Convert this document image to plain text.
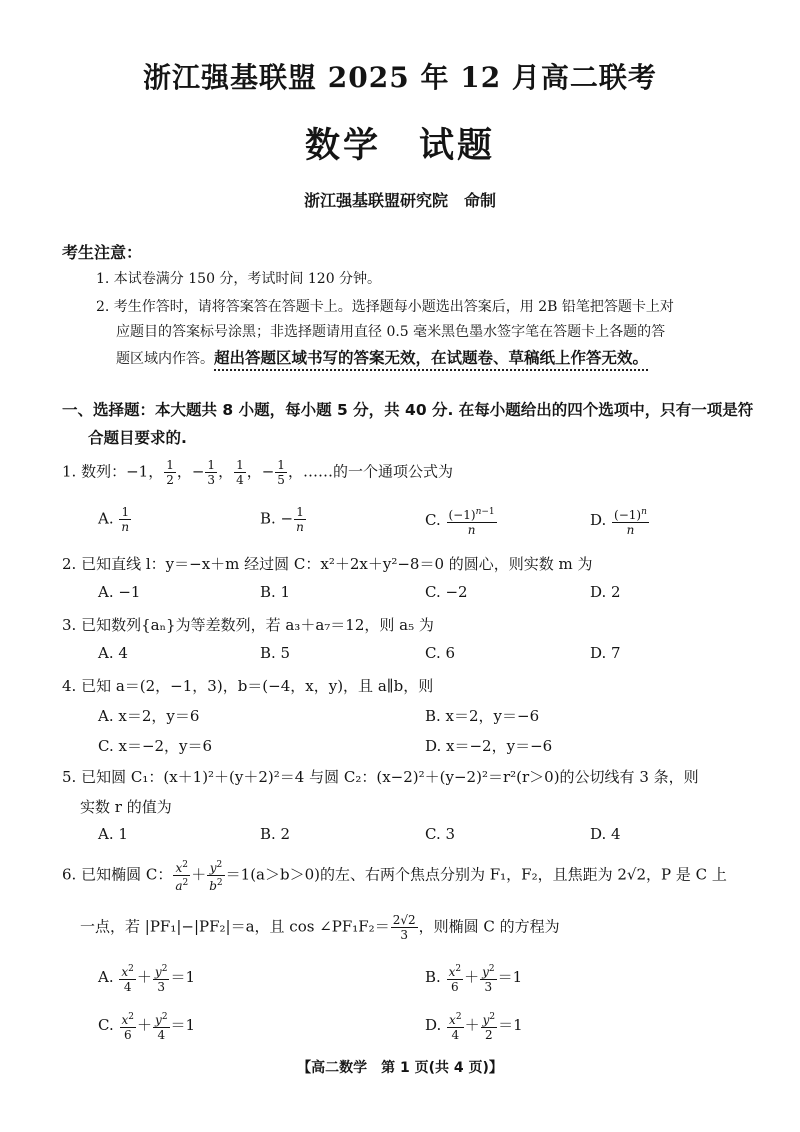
浙江强基联盟 2025 年 12 月高二联考
数学　试题
浙江强基联盟研究院　命制
考生注意：
1. 本试卷满分 150 分，考试时间 120 分钟。
2. 考生作答时，请将答案答在答题卡上。选择题每小题选出答案后，用 2B 铅笔把答题卡上对
应题目的答案标号涂黑；非选择题请用直径 0.5 毫米黑色墨水签字笔在答题卡上各题的答
题区域内作答。超出答题区域书写的答案无效，在试题卷、草稿纸上作答无效。
一、选择题：本大题共 8 小题，每小题 5 分，共 40 分. 在每小题给出的四个选项中，只有一项是符
合题目要求的.
1. 数列：−1， $\frac{1}{2}$ ，− $\frac{1}{3}$ ， $\frac{1}{4}$ ，− $\frac{1}{5}$ ，……的一个通项公式为
A. $\frac{1}{n}$	B. − $\frac{1}{n}$	C. $\frac{(-1)^{n-1}}{n}$	D. $\frac{(-1)^n}{n}$
2. 已知直线 l：y＝−x＋m 经过圆 C：x²＋2x＋y²−8＝0 的圆心，则实数 m 为
A. −1	B. 1	C. −2	D. 2
3. 已知数列{aₙ}为等差数列，若 a₃＋a₇＝12，则 a₅ 为
A. 4	B. 5	C. 6	D. 7
4. 已知 a＝(2，−1，3)，b＝(−4，x，y)，且 a∥b，则
A. x＝2，y＝6	B. x＝2，y＝−6
C. x＝−2，y＝6	D. x＝−2，y＝−6
5. 已知圆 C₁：(x＋1)²＋(y＋2)²＝4 与圆 C₂：(x−2)²＋(y−2)²＝r²(r＞0)的公切线有 3 条，则
实数 r 的值为
A. 1	B. 2	C. 3	D. 4
6. 已知椭圆 C： $\frac{x^2}{a^2} + \frac{y^2}{b^2} =1(a>b>0)$的左、右两个焦点分别为 F₁，F₂，且焦距为 2√2，P 是 C 上
一点，若 |PF₁|−|PF₂|＝a，且 cos ∠PF₁F₂＝ $\frac{2√2}{3}$ ，则椭圆 C 的方程为
A. $\frac{x^2}{4} + \frac{y^2}{3} =1$	B. $\frac{x^2}{6} + \frac{y^2}{3} =1$
C. $\frac{x^2}{6} + \frac{y^2}{4} =1$	D. $\frac{x^2}{4} + \frac{y^2}{2} =1$
【高二数学　第 1 页(共 4 页)】
